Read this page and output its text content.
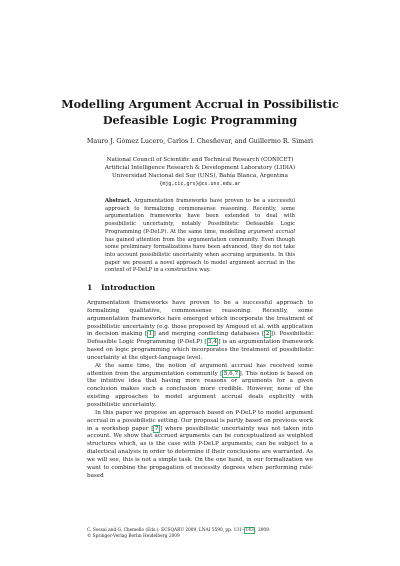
Modelling Argument Accrual in Possibilistic
Defeasible Logic Programming
Mauro J. Gómez Lucero, Carlos I. Chesñevar, and Guillermo R. Simari
National Council of Scientific and Technical Research (CONICET)
Artificial Intelligence Research & Development Laboratory (LIDIA)
Universidad Nacional del Sur (UNS), Bahía Blanca, Argentina
{mjg,cic,grs}@cs.uns.edu.ar
Abstract. Argumentation frameworks have proven to be a successful approach to formalizing commonsense reasoning. Recently, some argumentation frameworks have been extended to deal with possibilistic uncertainty, notably Possibilistic Defeasible Logic Programming (P-DeLP). At the same time, modelling argument accrual has gained attention from the argumentation community. Even though some preliminary formalizations have been advanced, they do not take into account possibilistic uncertainty when accruing arguments. In this paper we present a novel approach to model argument accrual in the context of P-DeLP in a constructive way.
1 Introduction

Argumentation frameworks have proven to be a successful approach to formalizing qualitative, commonsense reasoning. Recently, some argumentation frameworks have emerged which incorporate the treatment of possibilistic uncertainty (e.g. those proposed by Amgoud et al. with application in decision making [ 1 ] and merging conflicting databases [ 2 ]). Possibilistic Defeasible Logic Programming (P-DeLP) [ 3,4 ] is an argumentation framework based on logic programming which incorporates the treatment of possibilistic uncertainty at the object-language level.

At the same time, the notion of argument accrual has received some attention from the argumentation community [ 5,6,7 ]. This notion is based on the intuitive idea that having more reasons or arguments for a given conclusion makes such a conclusion more credible. However, none of the existing approaches to model argument accrual deals explicitly with possibilistic uncertainty.

In this paper we propose an approach based on P-DeLP to model argument accrual in a possibilistic setting. Our proposal is partly based on previous work in a workshop paper [ 7 ] where possibilistic uncertainty was not taken into account. We show that accrued arguments can be conceptualized as weighted structures which, as is the case with P-DeLP arguments, can be subject to a dialectical analysis in order to determine if their conclusions are warranted. As we will see, this is not a simple task. On the one hand, in our formalization we want to combine the propagation of necessity degrees when performing rule-based

C. Sossai and G. Chemello (Eds.): ECSQARU 2009, LNAI 5590, pp. 131– 143 , 2009.
© Springer-Verlag Berlin Heidelberg 2009
